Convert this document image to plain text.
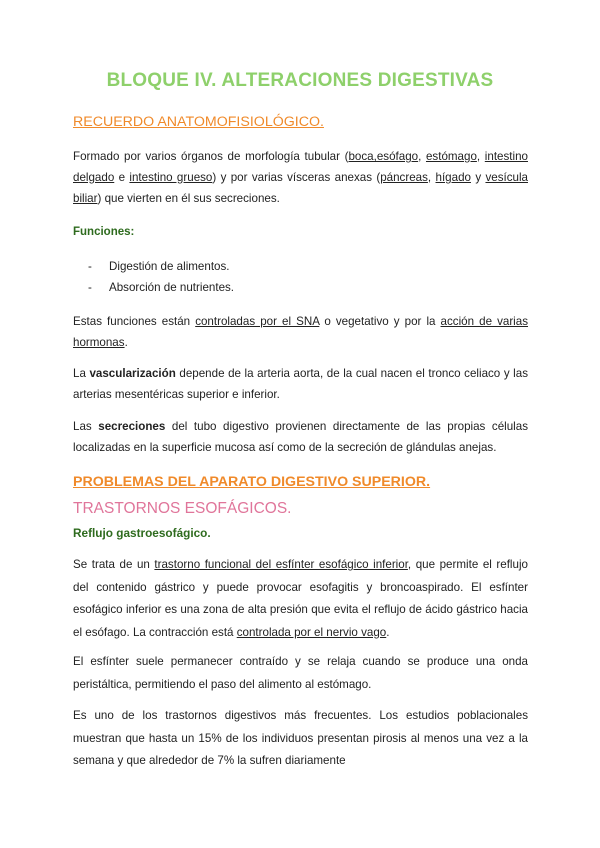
BLOQUE IV. ALTERACIONES DIGESTIVAS
RECUERDO ANATOMOFISIOLÓGICO.
Formado por varios órganos de morfología tubular (boca,esófago, estómago, intestino delgado e intestino grueso) y por varias vísceras anexas (páncreas, hígado y vesícula biliar) que vierten en él sus secreciones.
Funciones:
-	Digestión de alimentos.
-	Absorción de nutrientes.
Estas funciones están controladas por el SNA o vegetativo y por la acción de varias hormonas.
La vascularización depende de la arteria aorta, de la cual nacen el tronco celiaco y las arterias mesentéricas superior e inferior.
Las secreciones del tubo digestivo provienen directamente de las propias células localizadas en la superficie mucosa así como de la secreción de glándulas anejas.
PROBLEMAS DEL APARATO DIGESTIVO SUPERIOR.
TRASTORNOS ESOFÁGICOS.
Reflujo gastroesofágico.
Se trata de un trastorno funcional del esfínter esofágico inferior, que permite el reflujo del contenido gástrico y puede provocar esofagitis y broncoaspirado. El esfínter esofágico inferior es una zona de alta presión que evita el reflujo de ácido gástrico hacia el esófago. La contracción está controlada por el nervio vago.
El esfínter suele permanecer contraído y se relaja cuando se produce una onda peristáltica, permitiendo el paso del alimento al estómago.
Es uno de los trastornos digestivos más frecuentes. Los estudios poblacionales muestran que hasta un 15% de los individuos presentan pirosis al menos una vez a la semana y que alrededor de 7% la sufren diariamente
